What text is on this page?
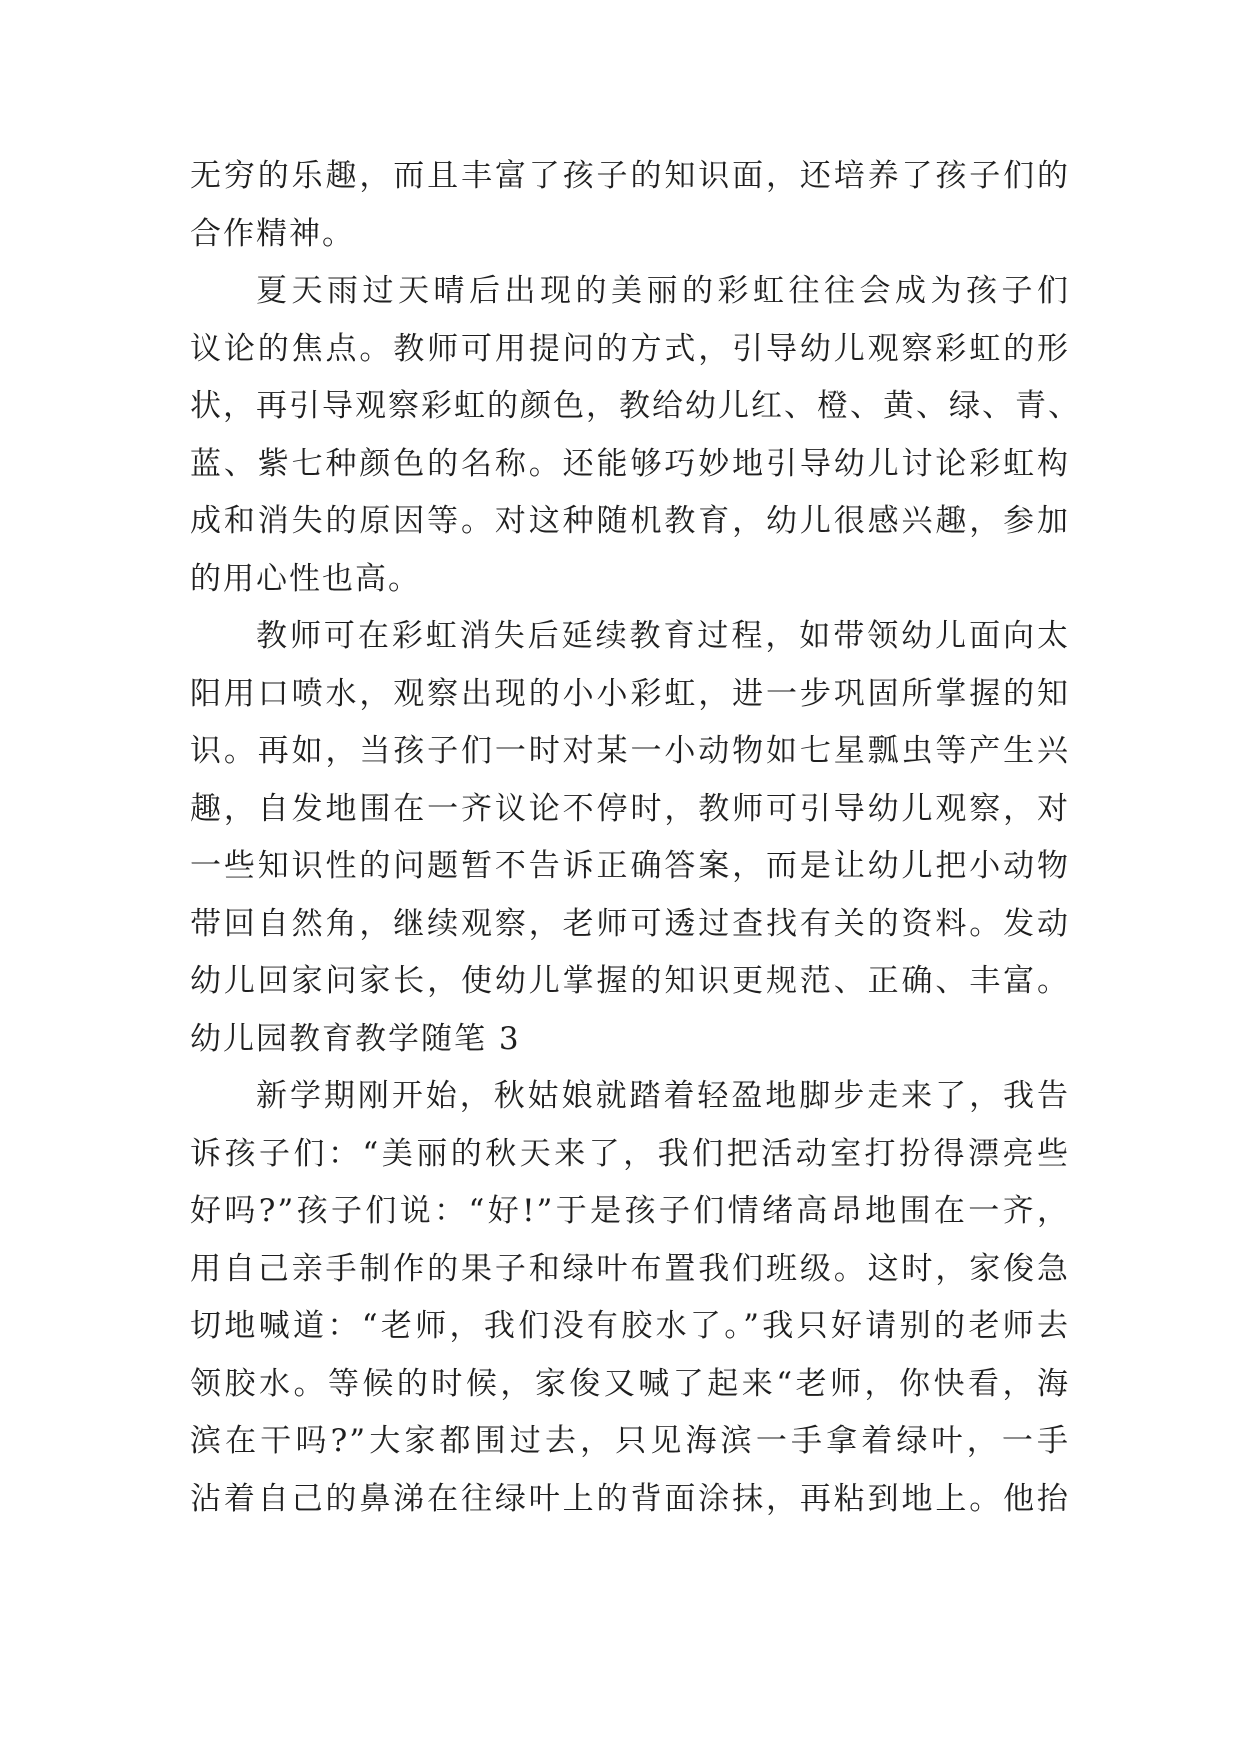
无穷的乐趣，而且丰富了孩子的知识面，还培养了孩子们的
合作精神。
夏天雨过天晴后出现的美丽的彩虹往往会成为孩子们
议论的焦点。教师可用提问的方式，引导幼儿观察彩虹的形
状，再引导观察彩虹的颜色，教给幼儿红、橙、黄、绿、青、
蓝、紫七种颜色的名称。还能够巧妙地引导幼儿讨论彩虹构
成和消失的原因等。对这种随机教育，幼儿很感兴趣，参加
的用心性也高。
教师可在彩虹消失后延续教育过程，如带领幼儿面向太
阳用口喷水，观察出现的小小彩虹，进一步巩固所掌握的知
识。再如，当孩子们一时对某一小动物如七星瓢虫等产生兴
趣，自发地围在一齐议论不停时，教师可引导幼儿观察，对
一些知识性的问题暂不告诉正确答案，而是让幼儿把小动物
带回自然角，继续观察，老师可透过查找有关的资料。发动
幼儿回家问家长，使幼儿掌握的知识更规范、正确、丰富。
幼儿园教育教学随笔 3
新学期刚开始，秋姑娘就踏着轻盈地脚步走来了，我告
诉孩子们：“美丽的秋天来了，我们把活动室打扮得漂亮些
好吗?”孩子们说：“好!”于是孩子们情绪高昂地围在一齐，
用自己亲手制作的果子和绿叶布置我们班级。这时，家俊急
切地喊道：“老师，我们没有胶水了。”我只好请别的老师去
领胶水。等候的时候，家俊又喊了起来“老师，你快看，海
滨在干吗?”大家都围过去，只见海滨一手拿着绿叶，一手
沾着自己的鼻涕在往绿叶上的背面涂抹，再粘到地上。他抬
